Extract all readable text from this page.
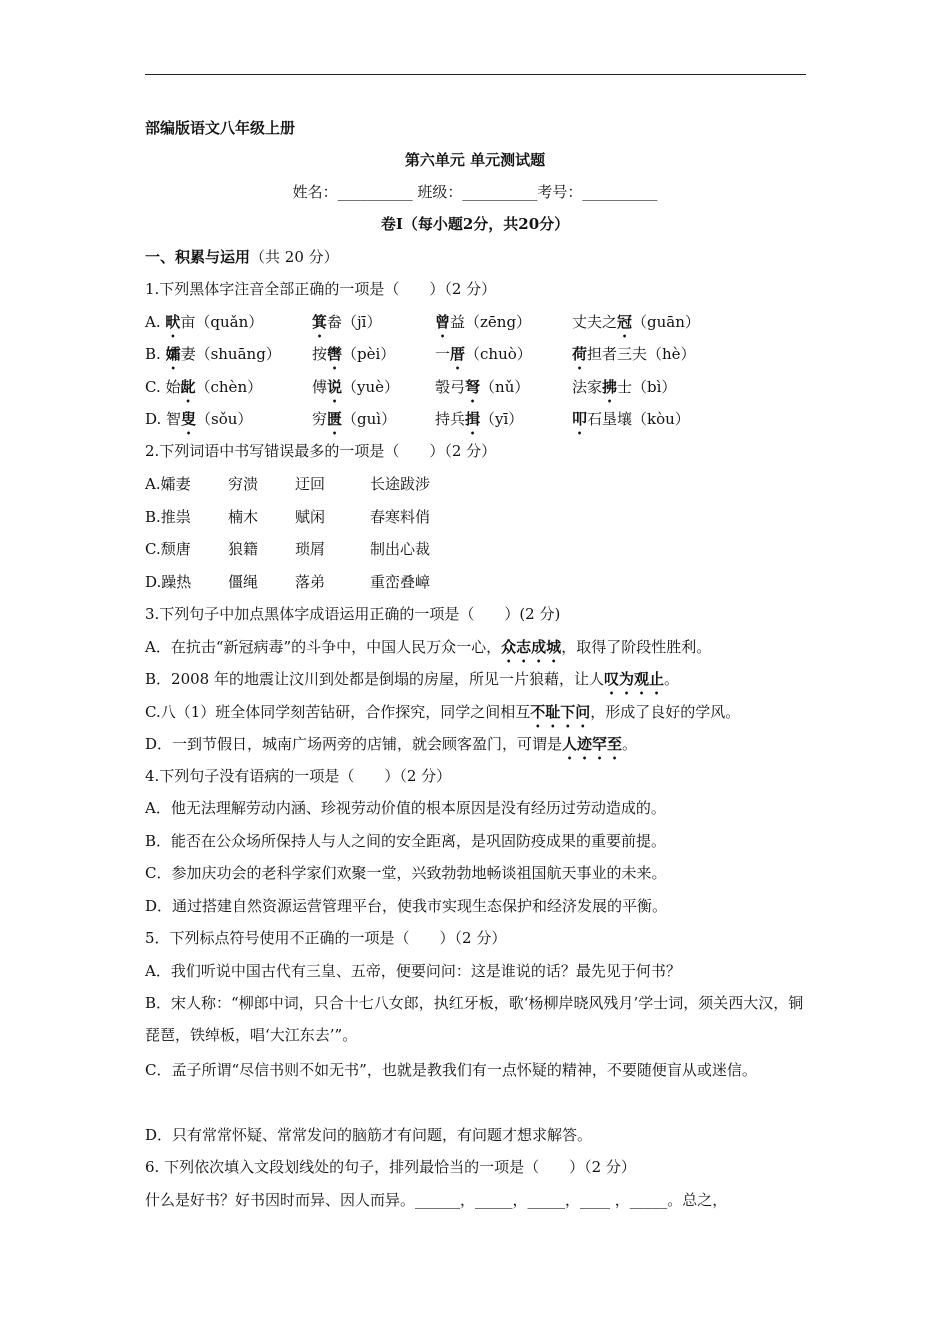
部编版语文八年级上册
第六单元 单元测试题
姓名：__________ 班级：__________考号：__________
卷Ⅰ（每小题2分，共20分）
一、积累与运用（共 20 分）
1.下列黑体字注音全部正确的一项是（　　）（2 分）
A. 畎亩（quǎn）	箕畚（jī）	曾益（zēng）	丈夫之冠（guān）
B. 孀妻（shuāng） 按辔（pèi）	一厝（chuò）	荷担者三夫（hè）
C. 始龀（chèn）	傅说（yuè） 彀弓弩（nǔ）	法家拂士（bì）
D. 智叟（sǒu）	穷匮（guì）	持兵揖（yī）	叩石垦壤（kòu）
2.下列词语中书写错误最多的一项是（　　）（2 分）
A.孀妻 穷溃 迂回	长途跋涉
B.推祟 楠木 赋闲	春寒料俏
C.颓唐 狼籍 琐屑	制出心裁
D.躁热 僵绳 落弟	重峦叠嶂
3.下列句子中加点黑体字成语运用正确的一项是（　　）(2 分)
A．在抗击“新冠病毒”的斗争中，中国人民万众一心，众志成城，取得了阶段性胜利。
B．2008 年的地震让汶川到处都是倒塌的房屋，所见一片狼藉，让人叹为观止。
C.八（1）班全体同学刻苦钻研，合作探究，同学之间相互不耻下问，形成了良好的学风。
D．一到节假日，城南广场两旁的店铺，就会顾客盈门，可谓是人迹罕至。
4.下列句子没有语病的一项是（　　）（2 分）
A．他无法理解劳动内涵、珍视劳动价值的根本原因是没有经历过劳动造成的。
B．能否在公众场所保持人与人之间的安全距离，是巩固防疫成果的重要前提。
C．参加庆功会的老科学家们欢聚一堂，兴致勃勃地畅谈祖国航天事业的未来。
D．通过搭建自然资源运营管理平台，使我市实现生态保护和经济发展的平衡。
5．下列标点符号使用不正确的一项是（　　）（2 分）
A．我们听说中国古代有三皇、五帝，便要问问：这是谁说的话？最先见于何书？
B．宋人称：“柳郎中词，只合十七八女郎，执红牙板，歌‘杨柳岸晓风残月’学士词，须关西大汉，铜琵琶，铁绰板，唱‘大江东去’”。
C．孟子所谓“尽信书则不如无书”，也就是教我们有一点怀疑的精神，不要随便盲从或迷信。
D．只有常常怀疑、常常发问的脑筋才有问题，有问题才想求解答。
6. 下列依次填入文段划线处的句子，排列最恰当的一项是（　　）（2 分）
什么是好书？好书因时而异、因人而异。______，_____，_____，____ ，_____。总之，
